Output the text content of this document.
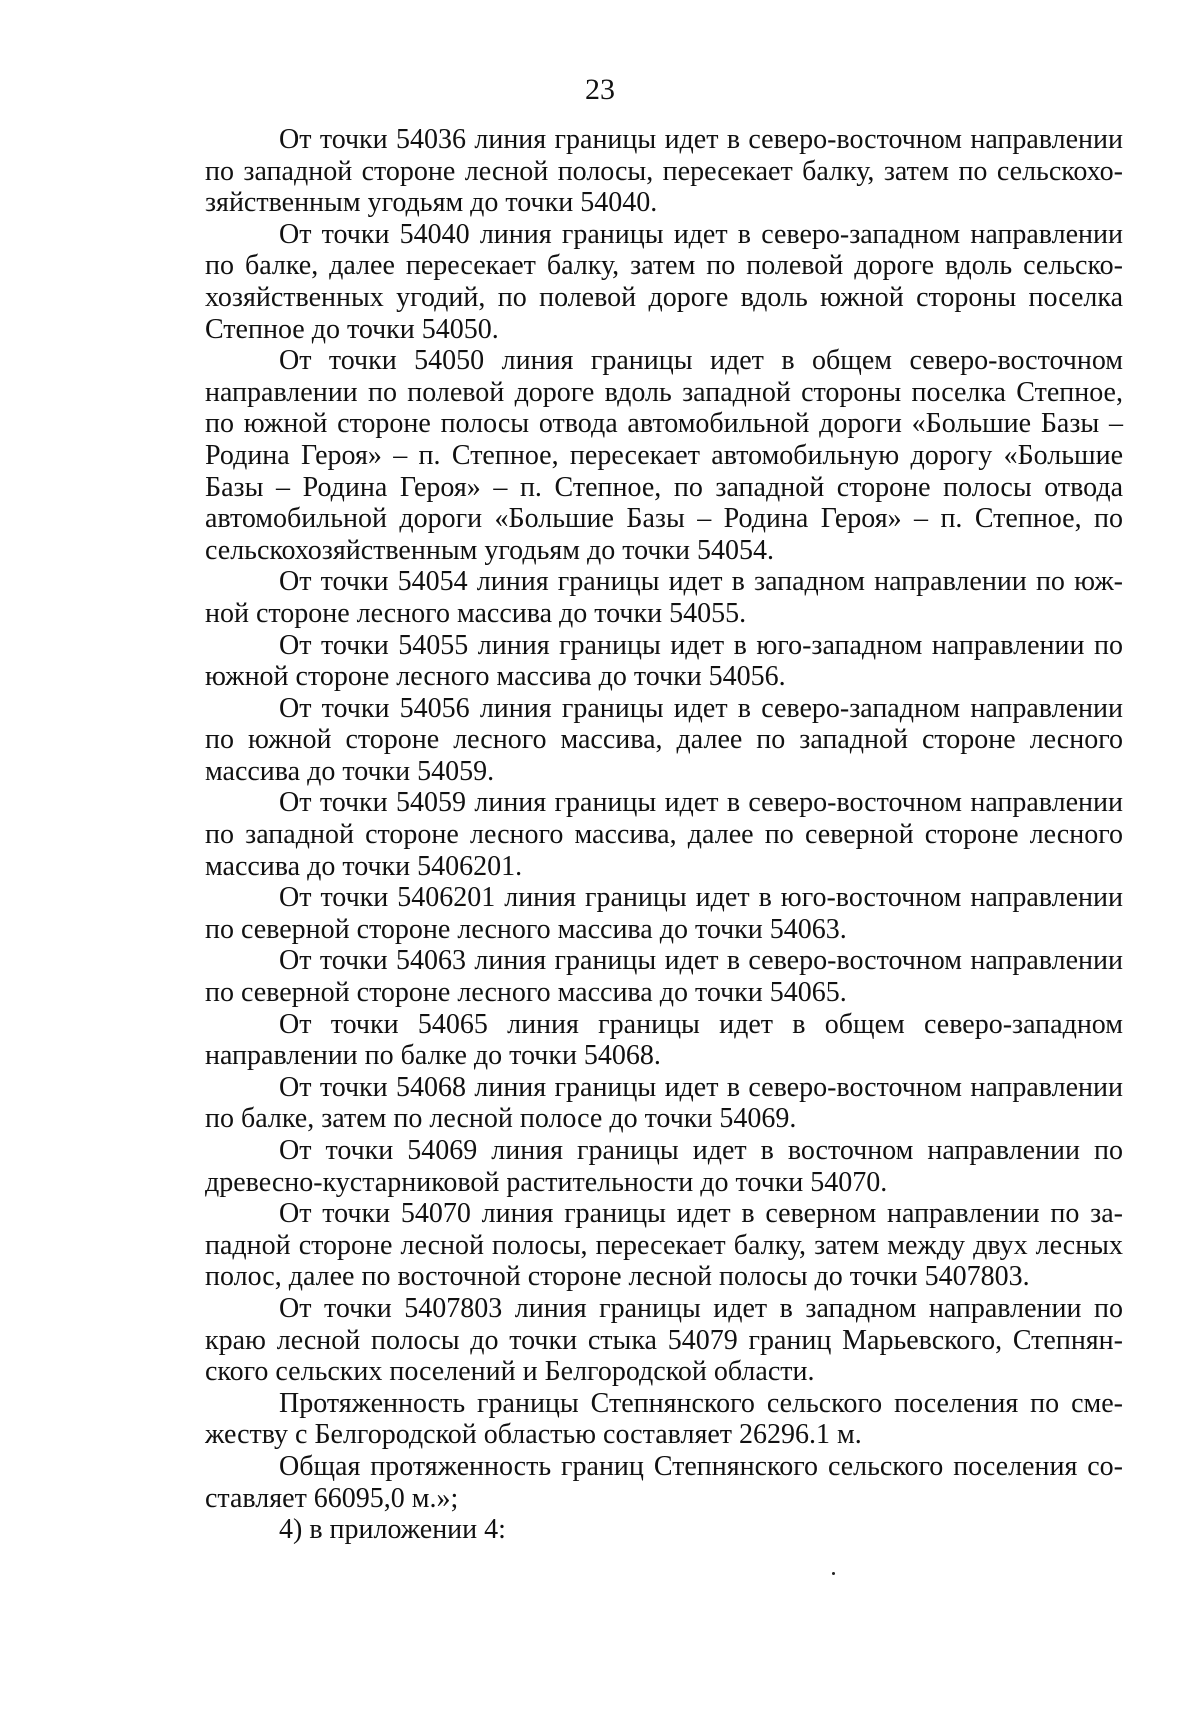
23

От точки 54036 линия границы идет в северо-восточном направлении по западной стороне лесной полосы, пересекает балку, затем по сельскохозяйственным угодьям до точки 54040.

От точки 54040 линия границы идет в северо-западном направлении по балке, далее пересекает балку, затем по полевой дороге вдоль сельскохозяйственных угодий, по полевой дороге вдоль южной стороны поселка Степное до точки 54050.

От точки 54050 линия границы идет в общем северо-восточном направлении по полевой дороге вдоль западной стороны поселка Степное, по южной стороне полосы отвода автомобильной дороги «Большие Базы – Родина Героя» – п. Степное, пересекает автомобильную дорогу «Большие Базы – Родина Героя» – п. Степное, по западной стороне полосы отвода автомобильной дороги «Большие Базы – Родина Героя» – п. Степное, по сельскохозяйственным угодьям до точки 54054.

От точки 54054 линия границы идет в западном направлении по южной стороне лесного массива до точки 54055.

От точки 54055 линия границы идет в юго-западном направлении по южной стороне лесного массива до точки 54056.

От точки 54056 линия границы идет в северо-западном направлении по южной стороне лесного массива, далее по западной стороне лесного массива до точки 54059.

От точки 54059 линия границы идет в северо-восточном направлении по западной стороне лесного массива, далее по северной стороне лесного массива до точки 5406201.

От точки 5406201 линия границы идет в юго-восточном направлении по северной стороне лесного массива до точки 54063.

От точки 54063 линия границы идет в северо-восточном направлении по северной стороне лесного массива до точки 54065.

От точки 54065 линия границы идет в общем северо-западном направлении по балке до точки 54068.

От точки 54068 линия границы идет в северо-восточном направлении по балке, затем по лесной полосе до точки 54069.

От точки 54069 линия границы идет в восточном направлении по древесно-кустарниковой растительности до точки 54070.

От точки 54070 линия границы идет в северном направлении по западной стороне лесной полосы, пересекает балку, затем между двух лесных полос, далее по восточной стороне лесной полосы до точки 5407803.

От точки 5407803 линия границы идет в западном направлении по краю лесной полосы до точки стыка 54079 границ Марьевского, Степнянского сельских поселений и Белгородской области.

Протяженность границы Степнянского сельского поселения по смежеству с Белгородской областью составляет 26296.1 м.

Общая протяженность границ Степнянского сельского поселения составляет 66095,0 м.»;

4) в приложении 4:
